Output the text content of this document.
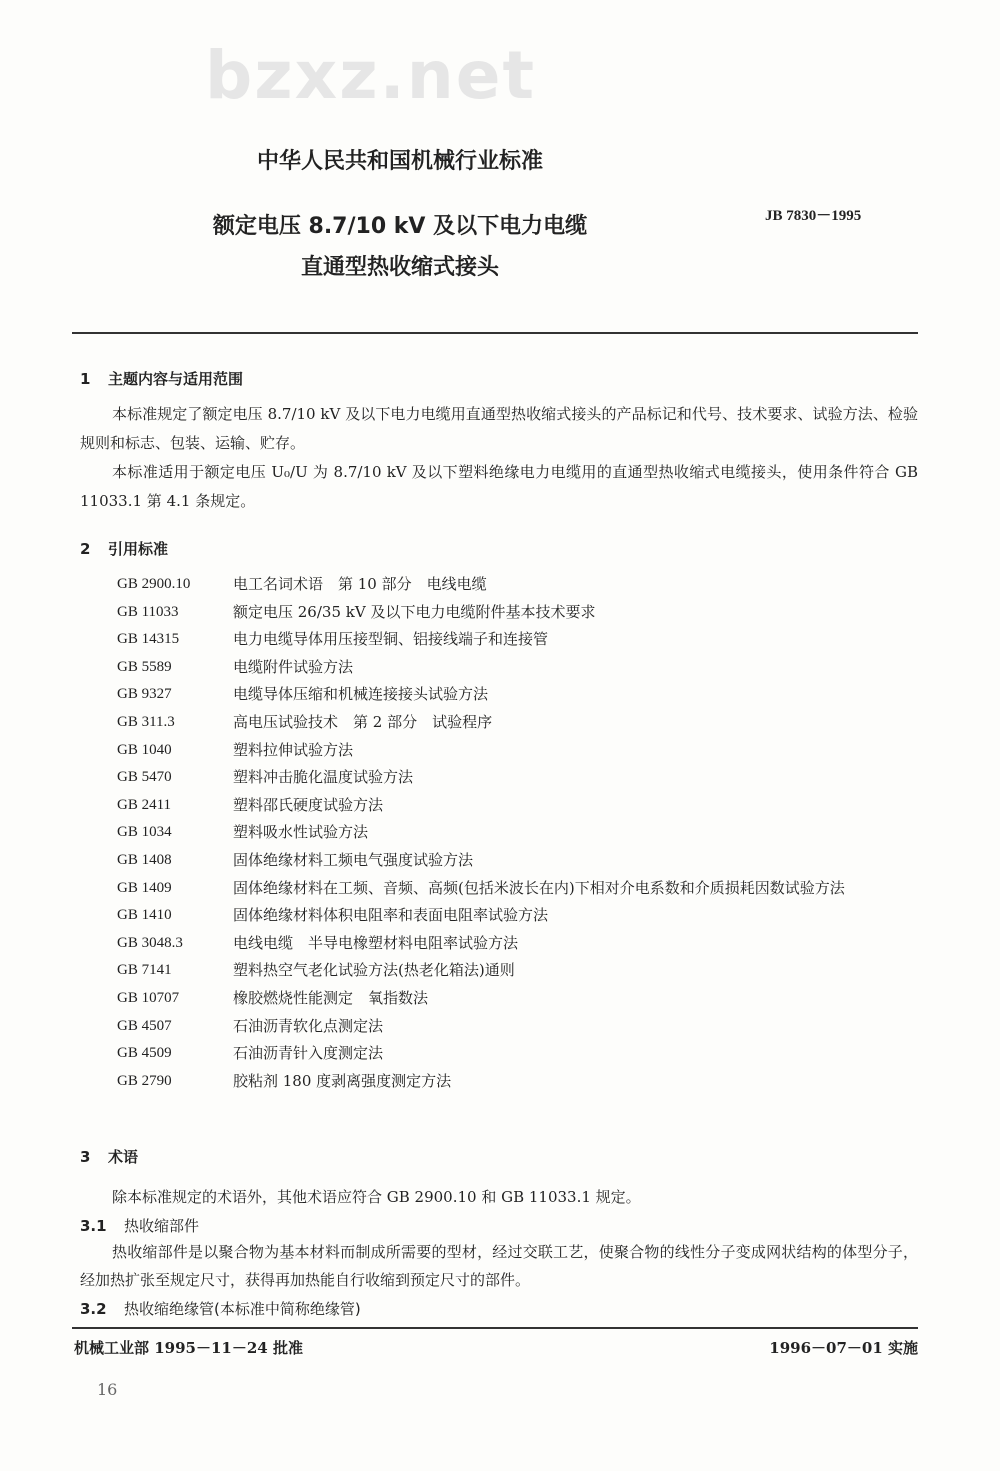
bzxz.net
中华人民共和国机械行业标准
额定电压 8.7/10 kV 及以下电力电缆
直通型热收缩式接头
JB 7830－1995
1 主题内容与适用范围

本标准规定了额定电压 8.7/10 kV 及以下电力电缆用直通型热收缩式接头的产品标记和代号、技术要求、试验方法、检验规则和标志、包装、运输、贮存。

本标准适用于额定电压 U₀/U 为 8.7/10 kV 及以下塑料绝缘电力电缆用的直通型热收缩式电缆接头，使用条件符合 GB 11033.1 第 4.1 条规定。

2 引用标准
GB 2900.10	电工名词术语　第 10 部分　电线电缆
GB 11033	额定电压 26/35 kV 及以下电力电缆附件基本技术要求
GB 14315	电力电缆导体用压接型铜、铝接线端子和连接管
GB 5589	电缆附件试验方法
GB 9327	电缆导体压缩和机械连接接头试验方法
GB 311.3	高电压试验技术　第 2 部分　试验程序
GB 1040	塑料拉伸试验方法
GB 5470	塑料冲击脆化温度试验方法
GB 2411	塑料邵氏硬度试验方法
GB 1034	塑料吸水性试验方法
GB 1408	固体绝缘材料工频电气强度试验方法
GB 1409	固体绝缘材料在工频、音频、高频(包括米波长在内)下相对介电系数和介质损耗因数试验方法
GB 1410	固体绝缘材料体积电阻率和表面电阻率试验方法
GB 3048.3	电线电缆　半导电橡塑材料电阻率试验方法
GB 7141	塑料热空气老化试验方法(热老化箱法)通则
GB 10707	橡胶燃烧性能测定　氧指数法
GB 4507	石油沥青软化点测定法
GB 4509	石油沥青针入度测定法
GB 2790	胶粘剂 180 度剥离强度测定方法
3 术语

除本标准规定的术语外，其他术语应符合 GB 2900.10 和 GB 11033.1 规定。

3.1 热收缩部件

热收缩部件是以聚合物为基本材料而制成所需要的型材，经过交联工艺，使聚合物的线性分子变成网状结构的体型分子，经加热扩张至规定尺寸，获得再加热能自行收缩到预定尺寸的部件。

3.2 热收缩绝缘管(本标准中简称绝缘管)
机械工业部 1995－11－24 批准	1996－07－01 实施
16
